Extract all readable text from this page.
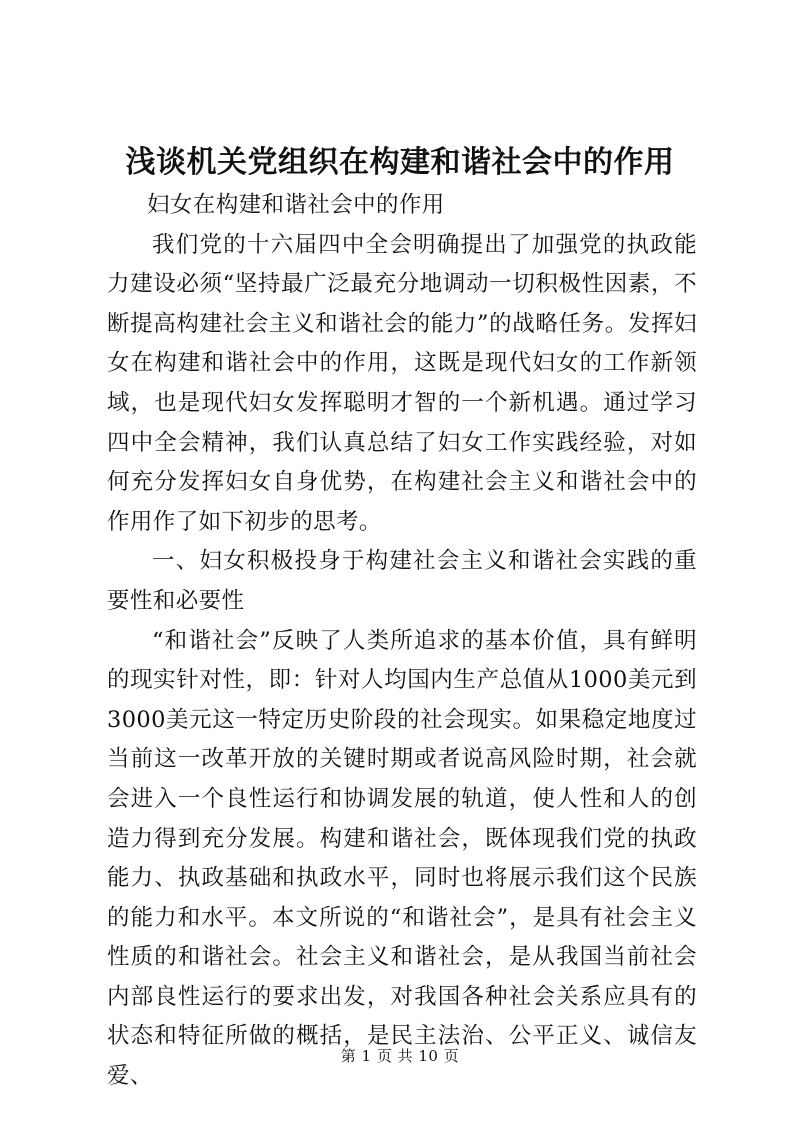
浅谈机关党组织在构建和谐社会中的作用

妇女在构建和谐社会中的作用

我们党的十六届四中全会明确提出了加强党的执政能力建设必须“坚持最广泛最充分地调动一切积极性因素，不断提高构建社会主义和谐社会的能力”的战略任务。发挥妇女在构建和谐社会中的作用，这既是现代妇女的工作新领域，也是现代妇女发挥聪明才智的一个新机遇。通过学习四中全会精神，我们认真总结了妇女工作实践经验，对如何充分发挥妇女自身优势，在构建社会主义和谐社会中的作用作了如下初步的思考。

一、妇女积极投身于构建社会主义和谐社会实践的重要性和必要性

“和谐社会”反映了人类所追求的基本价值，具有鲜明的现实针对性，即：针对人均国内生产总值从1000美元到3000美元这一特定历史阶段的社会现实。如果稳定地度过当前这一改革开放的关键时期或者说高风险时期，社会就会进入一个良性运行和协调发展的轨道，使人性和人的创造力得到充分发展。构建和谐社会，既体现我们党的执政能力、执政基础和执政水平，同时也将展示我们这个民族的能力和水平。本文所说的“和谐社会”，是具有社会主义性质的和谐社会。社会主义和谐社会，是从我国当前社会内部良性运行的要求出发，对我国各种社会关系应具有的状态和特征所做的概括，是民主法治、公平正义、诚信友爱、

第 1 页 共 10 页
